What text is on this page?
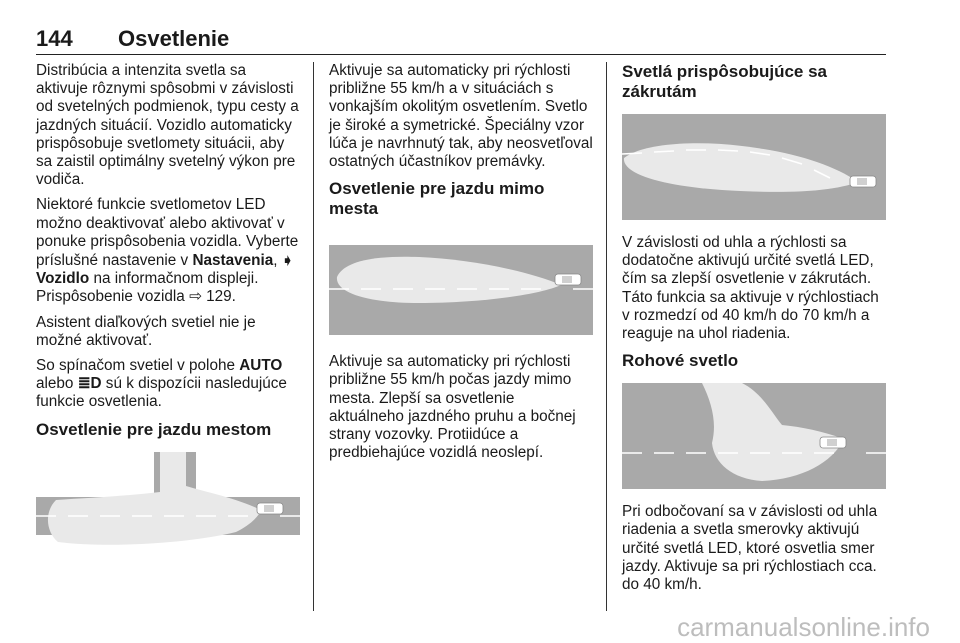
144 Osvetlenie

Distribúcia a intenzita svetla sa aktivuje rôznymi spôsobmi v závislosti od svetelných podmienok, typu cesty a jazdných situácií. Vozidlo automaticky prispôsobuje svetlomety situácii, aby sa zaistil optimálny svetelný výkon pre vodiča.

Niektoré funkcie svetlometov LED možno deaktivovať alebo aktivovať v ponuke prispôsobenia vozidla. Vyberte príslušné nastavenie v Nastavenia, ➧ Vozidlo na informačnom displeji. Prispôsobenie vozidla ⇨ 129.

Asistent diaľkových svetiel nie je možné aktivovať.

So spínačom svetiel v polohe AUTO alebo ≣D sú k dispozícii nasledujúce funkcie osvetlenia.

Osvetlenie pre jazdu mestom

Aktivuje sa automaticky pri rýchlosti približne 55 km/h a v situáciách s vonkajším okolitým osvetlením. Svetlo je široké a symetrické. Špeciálny vzor lúča je navrhnutý tak, aby neosvetľoval ostatných účastníkov premávky.

Osvetlenie pre jazdu mimo mesta

Aktivuje sa automaticky pri rýchlosti približne 55 km/h počas jazdy mimo mesta. Zlepší sa osvetlenie aktuálneho jazdného pruhu a bočnej strany vozovky. Protiidúce a predbiehajúce vozidlá neoslepí.

Svetlá prispôsobujúce sa zákrutám

V závislosti od uhla a rýchlosti sa dodatočne aktivujú určité svetlá LED, čím sa zlepší osvetlenie v zákrutách. Táto funkcia sa aktivuje v rýchlostiach v rozmedzí od 40 km/h do 70 km/h a reaguje na uhol riadenia.

Rohové svetlo

Pri odbočovaní sa v závislosti od uhla riadenia a svetla smerovky aktivujú určité svetlá LED, ktoré osvetlia smer jazdy. Aktivuje sa pri rýchlostiach cca. do 40 km/h.

carmanualsonline.info
